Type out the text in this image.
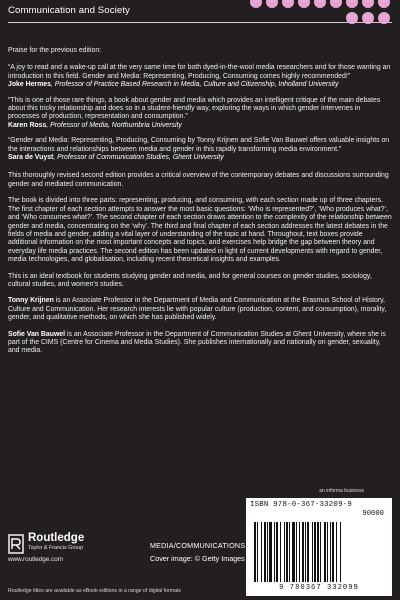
Communication and Society

Praise for the previous edition:

“A joy to read and a wake-up call at the very same time for both dyed-in-the-wool media researchers and for those wanting an introduction to this field. Gender and Media: Representing, Producing, Consuming comes highly recommended!”

Joke Hermes, Professor of Practice Based Research in Media, Culture and Citizenship, Inholland University

“This is one of those rare things, a book about gender and media which provides an intelligent critique of the main debates about this tricky relationship and does so in a student-friendly way, exploring the ways in which gender intervenes in processes of production, representation and consumption.”

Karen Ross, Professor of Media, Northumbria University

“Gender and Media: Representing, Producing, Consuming by Tonny Krijnen and Sofie Van Bauwel offers valuable insights on the interactions and relationships between media and gender in this rapidly transforming media environment.”

Sara de Vuyst, Professor of Communication Studies, Ghent University

This thoroughly revised second edition provides a critical overview of the contemporary debates and discussions surrounding gender and mediated communication.

The book is divided into three parts: representing, producing, and consuming, with each section made up of three chapters. The first chapter of each section attempts to answer the most basic questions: ‘Who is represented?’, ‘Who produces what?’, and ‘Who consumes what?’. The second chapter of each section draws attention to the complexity of the relationship between gender and media, concentrating on the ‘why’. The third and final chapter of each section addresses the latest debates in the fields of media and gender, adding a vital layer of understanding of the topic at hand. Throughout, text boxes provide additional information on the most important concepts and topics, and exercises help bridge the gap between theory and everyday life media practices. The second edition has been updated in light of current developments with regard to gender, media technologies, and globalisation, including recent theoretical insights and examples.

This is an ideal textbook for students studying gender and media, and for general courses on gender studies, sociology, cultural studies, and women’s studies.

Tonny Krijnen is an Associate Professor in the Department of Media and Communication at the Erasmus School of History, Culture and Communication. Her research interests lie with popular culture (production, content, and consumption), morality, gender, and qualitative methods, on which she has published widely.

Sofie Van Bauwel is an Associate Professor in the Department of Communication Studies at Ghent University, where she is part of the CIMS (Centre for Cinema and Media Studies). She publishes internationally and nationally on gender, sexuality, and media.

an informa business
Routledge
Taylor & Francis Group
www.routledge.com
MEDIA/COMMUNICATIONS
Cover image: © Getty Images
ISBN 978-0-367-33209-9
90000
9 780367 332099
Routledge titles are available as eBook editions in a range of digital formats
